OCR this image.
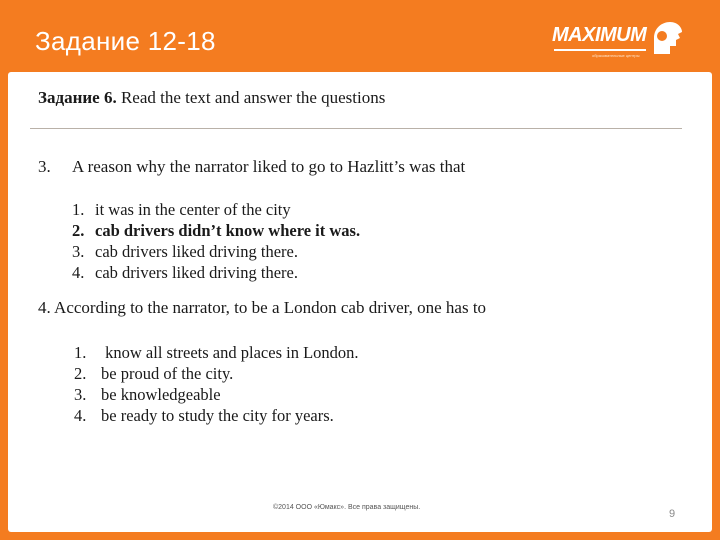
Задание 12-18	MAXIMUM
образовательные центры
Задание 6. Read the text and answer the questions
3. A reason why the narrator liked to go to Hazlitt’s was that
1. it was in the center of the city
2. cab drivers didn’t know where it was.
3. cab drivers liked driving there.
4. cab drivers liked driving there.
4. According to the narrator, to be a London cab driver, one has to
1. know all streets and places in London.
2. be proud of the city.
3. be knowledgeable
4. be ready to study the city for years.
©2014 ООО «Юмакс». Все права защищены.
9
